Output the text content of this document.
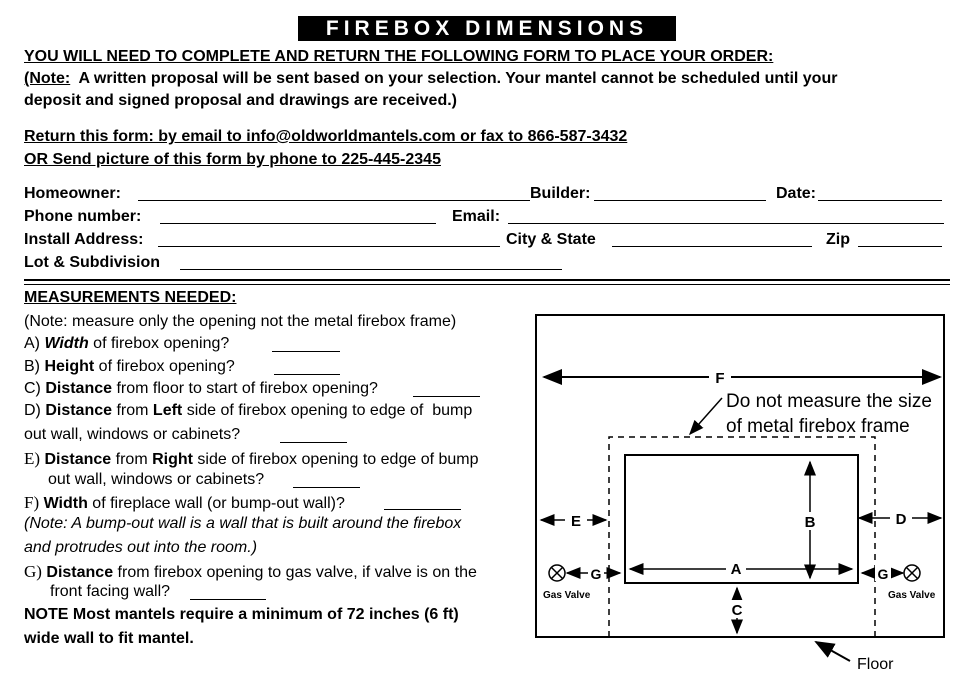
FIREBOX DIMENSIONS
YOU WILL NEED TO COMPLETE AND RETURN THE FOLLOWING FORM TO PLACE YOUR ORDER:
(Note:  A written proposal will be sent based on your selection. Your mantel cannot be scheduled until your
deposit and signed proposal and drawings are received.)
Return this form: by email to info@oldworldmantels.com or fax to 866-587-3432
OR Send picture of this form by phone to 225-445-2345
Homeowner:	Builder:	Date:
Phone number:	Email:
Install Address:	City & State	Zip
Lot & Subdivision
MEASUREMENTS NEEDED:
(Note: measure only the opening not the metal firebox frame)
A) Width of firebox opening?
B) Height of firebox opening?
C) Distance from floor to start of firebox opening?
D) Distance from Left side of firebox opening to edge of  bump
out wall, windows or cabinets?
E) Distance from Right side of firebox opening to edge of bump
out wall, windows or cabinets?
F) Width of fireplace wall (or bump-out wall)?
(Note: A bump-out wall is a wall that is built around the firebox
and protrudes out into the room.)
G) Distance from firebox opening to gas valve, if valve is on the
front facing wall?
NOTE Most mantels require a minimum of 72 inches (6 ft)
wide wall to fit mantel.
F
Do not measure the size
of metal firebox frame
B
A
C
E	D
G
Gas Valve
G
Gas Valve
Floor
